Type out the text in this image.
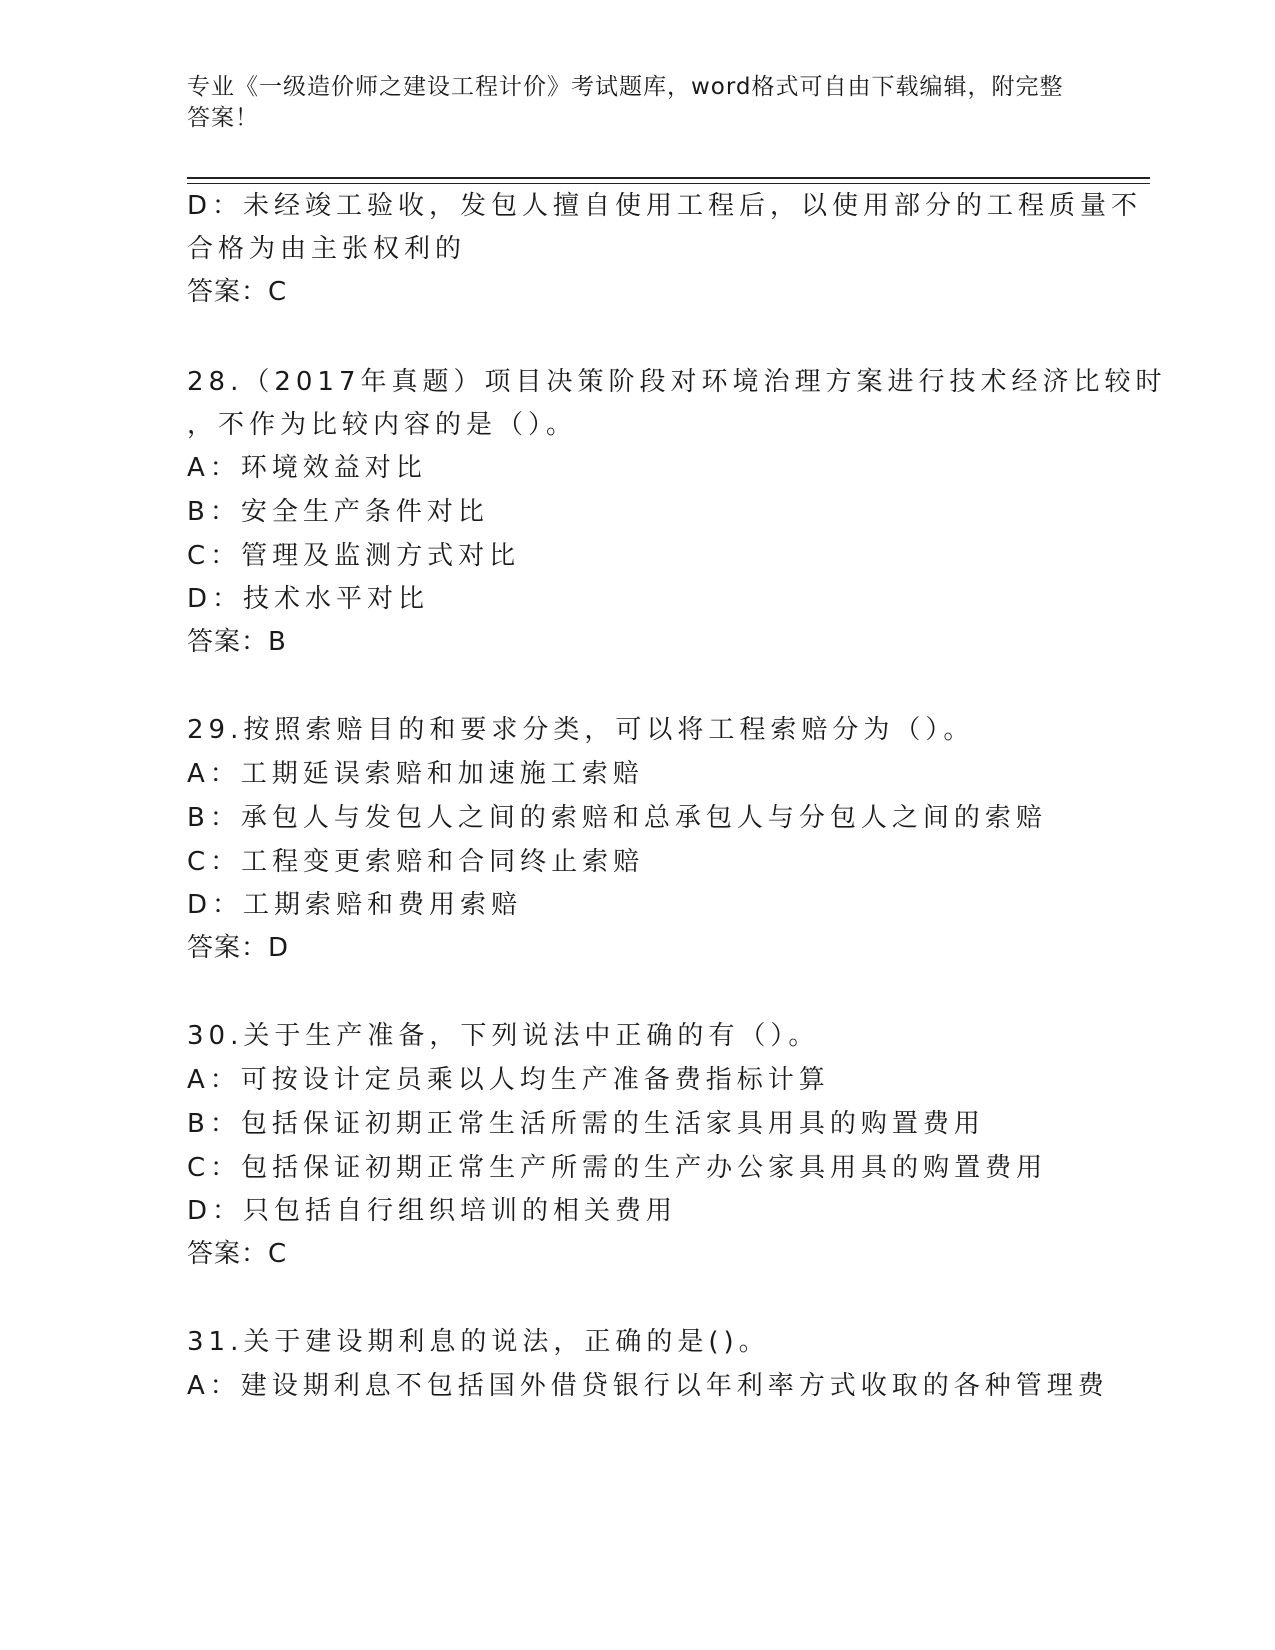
专业《一级造价师之建设工程计价》考试题库，word格式可自由下载编辑，附完整答案！
D：未经竣工验收，发包人擅自使用工程后，以使用部分的工程质量不
合格为由主张权利的
答案：C
28.（2017年真题）项目决策阶段对环境治理方案进行技术经济比较时
，不作为比较内容的是（）。
A：环境效益对比
B：安全生产条件对比
C：管理及监测方式对比
D：技术水平对比
答案：B
29.按照索赔目的和要求分类，可以将工程索赔分为（）。
A：工期延误索赔和加速施工索赔
B：承包人与发包人之间的索赔和总承包人与分包人之间的索赔
C：工程变更索赔和合同终止索赔
D：工期索赔和费用索赔
答案：D
30.关于生产准备，下列说法中正确的有（）。
A：可按设计定员乘以人均生产准备费指标计算
B：包括保证初期正常生活所需的生活家具用具的购置费用
C：包括保证初期正常生产所需的生产办公家具用具的购置费用
D：只包括自行组织培训的相关费用
答案：C
31.关于建设期利息的说法，正确的是()。
A：建设期利息不包括国外借贷银行以年利率方式收取的各种管理费
